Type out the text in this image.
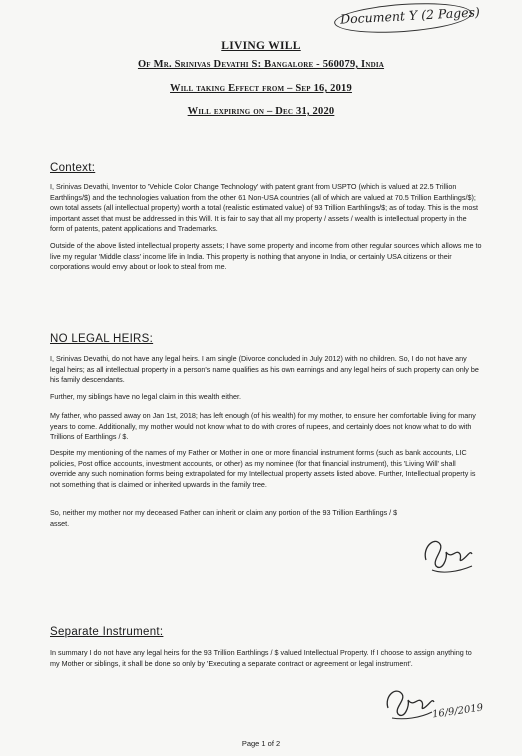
Document Y (2 Pages)
LIVING WILL
Of Mr. Srinivas Devathi S: Bangalore - 560079, India
Will taking Effect from – Sep 16, 2019
Will expiring on – Dec 31, 2020
Context:

I, Srinivas Devathi, Inventor to 'Vehicle Color Change Technology' with patent grant from USPTO (which is valued at 22.5 Trillion Earthlings/$) and the technologies valuation from the other 61 Non-USA countries (all of which are valued at 70.5 Trillion Earthlings/$); own total assets (all intellectual property) worth a total (realistic estimated value) of 93 Trillion Earthlings/$; as of today. This is the most important asset that must be addressed in this Will. It is fair to say that all my property / assets / wealth is intellectual property in the form of patents, patent applications and Trademarks.

Outside of the above listed intellectual property assets; I have some property and income from other regular sources which allows me to live my regular 'Middle class' income life in India. This property is nothing that anyone in India, or certainly USA citizens or their corporations would envy about or look to steal from me.

NO LEGAL HEIRS:

I, Srinivas Devathi, do not have any legal heirs. I am single (Divorce concluded in July 2012) with no children. So, I do not have any legal heirs; as all intellectual property in a person's name qualifies as his own earnings and any legal heirs of such property can only be his family descendants.

Further, my siblings have no legal claim in this wealth either.

My father, who passed away on Jan 1st, 2018; has left enough (of his wealth) for my mother, to ensure her comfortable living for many years to come. Additionally, my mother would not know what to do with crores of rupees, and certainly does not know what to do with Trillions of Earthlings / $.

Despite my mentioning of the names of my Father or Mother in one or more financial instrument forms (such as bank accounts, LIC policies, Post office accounts, investment accounts, or other) as my nominee (for that financial instrument), this 'Living Will' shall override any such nomination forms being extrapolated for my Intellectual property assets listed above. Further, Intellectual property is not something that is claimed or inherited upwards in the family tree.

So, neither my mother nor my deceased Father can inherit or claim any portion of the 93 Trillion Earthlings / $ asset.

Separate Instrument:

In summary I do not have any legal heirs for the 93 Trillion Earthlings / $ valued Intellectual Property. If I choose to assign anything to my Mother or siblings, it shall be done so only by 'Executing a separate contract or agreement or legal instrument'.

16/9/2019
Page 1 of 2
